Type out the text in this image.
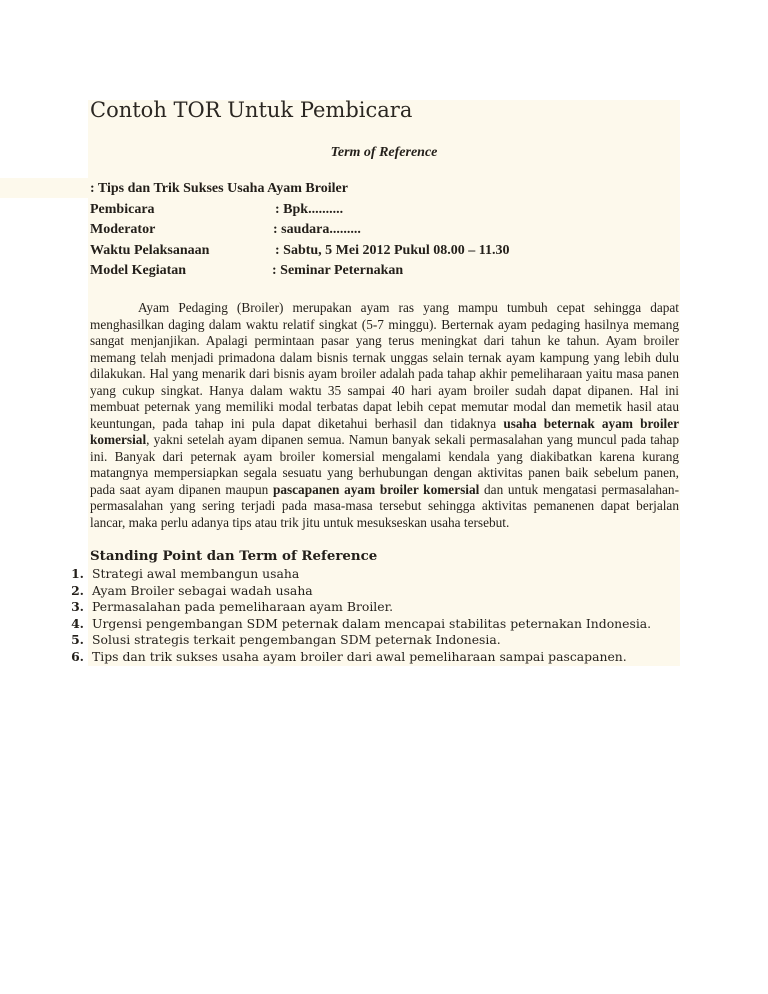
Contoh TOR Untuk Pembicara
Term of Reference
: Tips dan Trik Sukses Usaha Ayam Broiler
Pembicara	: Bpk..........
Moderator	: saudara.........
Waktu Pelaksanaan	: Sabtu, 5 Mei 2012 Pukul 08.00 – 11.30
Model Kegiatan	: Seminar Peternakan

Ayam Pedaging (Broiler) merupakan ayam ras yang mampu tumbuh cepat sehingga dapat menghasilkan daging dalam waktu relatif singkat (5-7 minggu). Berternak ayam pedaging hasilnya memang sangat menjanjikan. Apalagi permintaan pasar yang terus meningkat dari tahun ke tahun. Ayam broiler memang telah menjadi primadona dalam bisnis ternak unggas selain ternak ayam kampung yang lebih dulu dilakukan. Hal yang menarik dari bisnis ayam broiler adalah pada tahap akhir pemeliharaan yaitu masa panen yang cukup singkat. Hanya dalam waktu 35 sampai 40 hari ayam broiler sudah dapat dipanen. Hal ini membuat peternak yang memiliki modal terbatas dapat lebih cepat memutar modal dan memetik hasil atau keuntungan, pada tahap ini pula dapat diketahui berhasil dan tidaknya usaha beternak ayam broiler komersial, yakni setelah ayam dipanen semua. Namun banyak sekali permasalahan yang muncul pada tahap ini. Banyak dari peternak ayam broiler komersial mengalami kendala yang diakibatkan karena kurang matangnya mempersiapkan segala sesuatu yang berhubungan dengan aktivitas panen baik sebelum panen, pada saat ayam dipanen maupun pascapanen ayam broiler komersial dan untuk mengatasi permasalahan-permasalahan yang sering terjadi pada masa-masa tersebut sehingga aktivitas pemanenen dapat berjalan lancar, maka perlu adanya tips atau trik jitu untuk mesukseskan usaha tersebut.

Standing Point dan Term of Reference
1. Strategi awal membangun usaha
2. Ayam Broiler sebagai wadah usaha
3. Permasalahan pada pemeliharaan ayam Broiler.
4. Urgensi pengembangan SDM peternak dalam mencapai stabilitas peternakan Indonesia.
5. Solusi strategis terkait pengembangan SDM peternak Indonesia.
6. Tips dan trik sukses usaha ayam broiler dari awal pemeliharaan sampai pascapanen.
